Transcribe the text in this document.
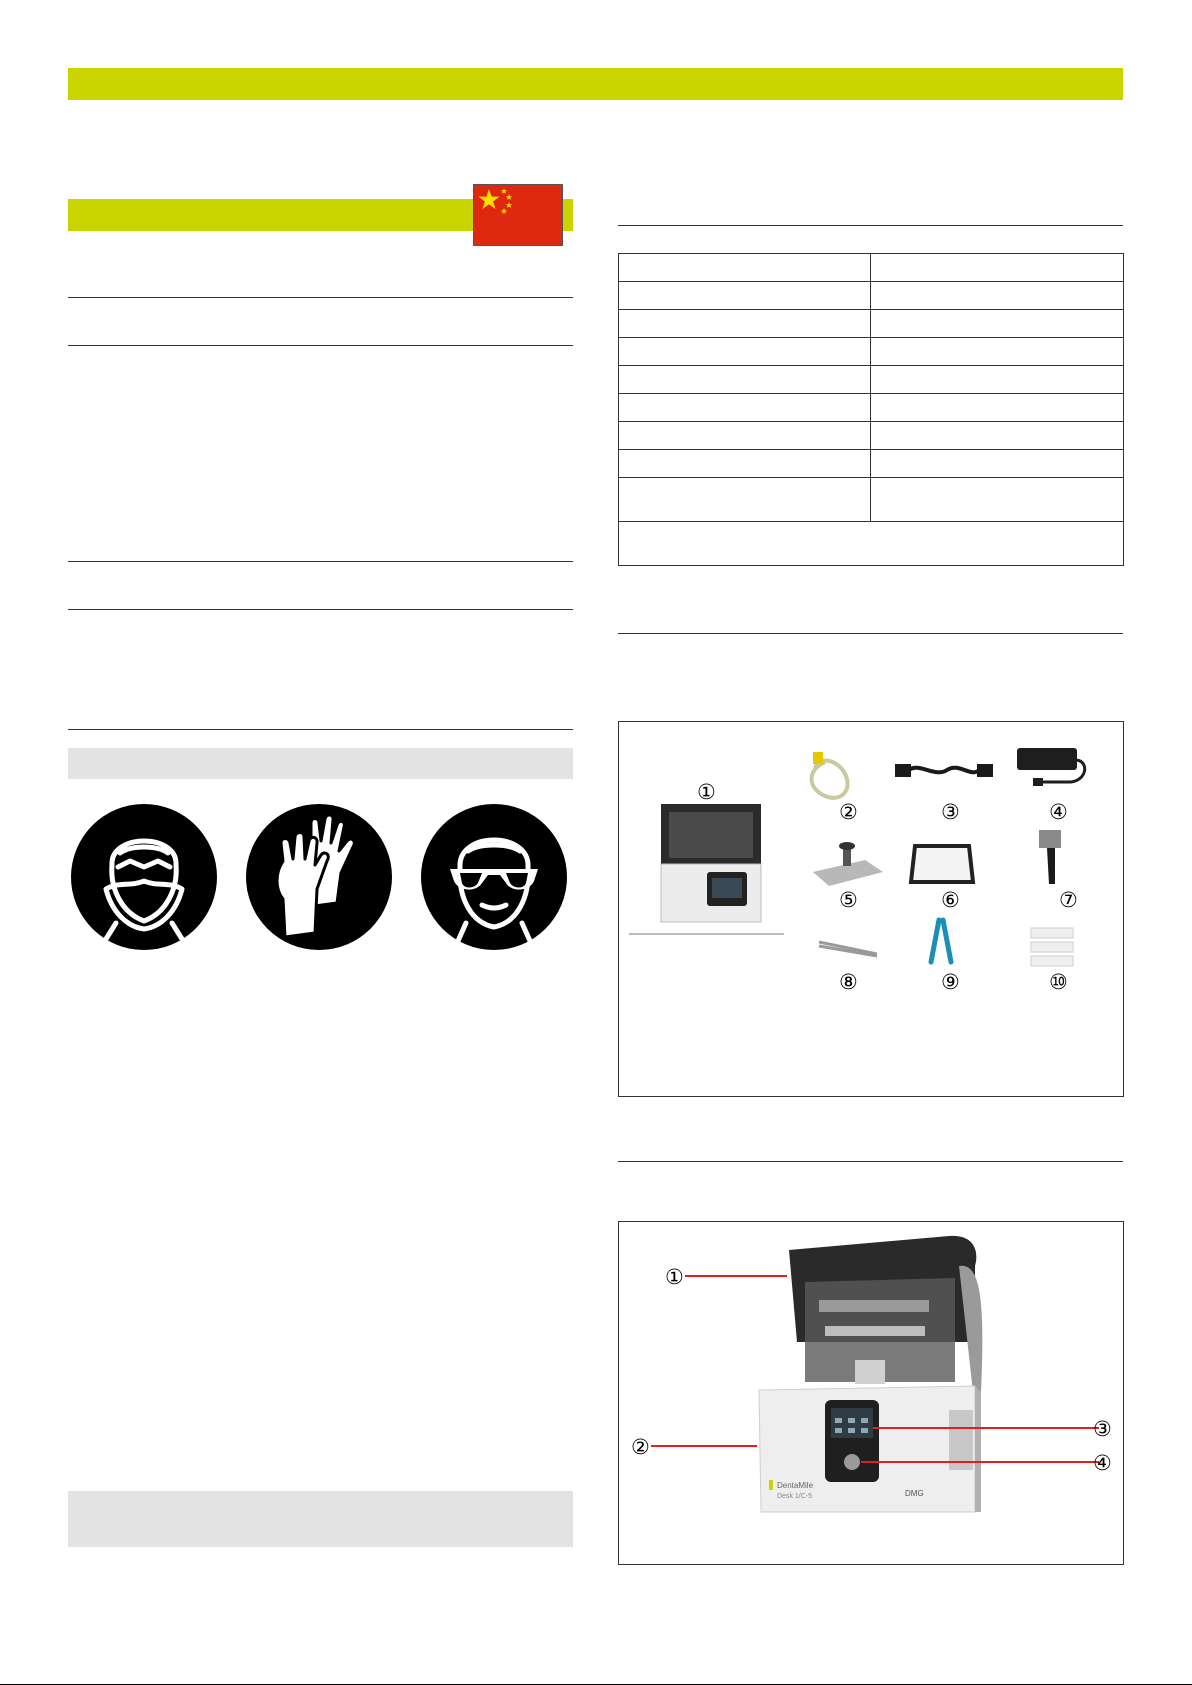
①
②	③	④
⑤	⑥	⑦
⑧	⑨	⑩
DentaMile
Desk 1/C-5	DMG
①
②
③
④
